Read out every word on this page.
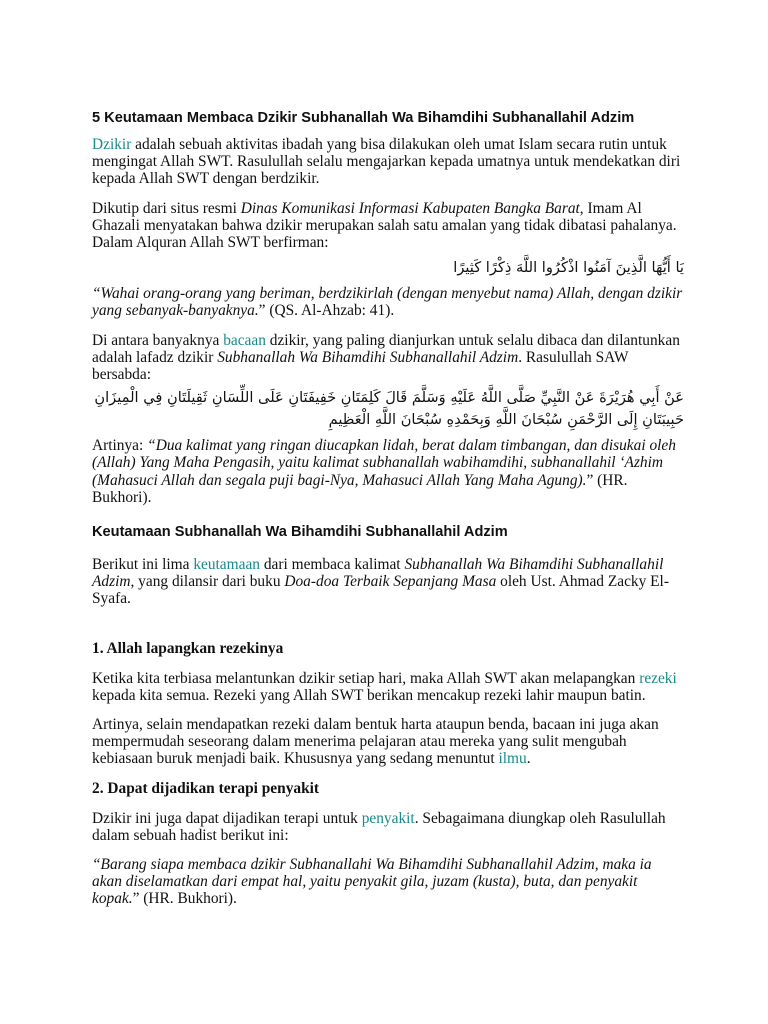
5 Keutamaan Membaca Dzikir Subhanallah Wa Bihamdihi Subhanallahil Adzim

Dzikir adalah sebuah aktivitas ibadah yang bisa dilakukan oleh umat Islam secara rutin untuk mengingat Allah SWT. Rasulullah selalu mengajarkan kepada umatnya untuk mendekatkan diri kepada Allah SWT dengan berdzikir.

Dikutip dari situs resmi Dinas Komunikasi Informasi Kabupaten Bangka Barat, Imam Al Ghazali menyatakan bahwa dzikir merupakan salah satu amalan yang tidak dibatasi pahalanya. Dalam Alquran Allah SWT berfirman:

يَا أَيُّهَا الَّذِينَ آمَنُوا اذْكُرُوا اللَّهَ ذِكْرًا كَثِيرًا

“Wahai orang-orang yang beriman, berdzikirlah (dengan menyebut nama) Allah, dengan dzikir yang sebanyak-banyaknya.” (QS. Al-Ahzab: 41).

Di antara banyaknya bacaan dzikir, yang paling dianjurkan untuk selalu dibaca dan dilantunkan adalah lafadz dzikir Subhanallah Wa Bihamdihi Subhanallahil Adzim. Rasulullah SAW bersabda:

عَنْ أَبِي هُرَيْرَةَ عَنْ النَّبِيِّ صَلَّى اللَّهُ عَلَيْهِ وَسَلَّمَ قَالَ كَلِمَتَانِ خَفِيفَتَانِ عَلَى اللِّسَانِ ثَقِيلَتَانِ فِي الْمِيزَانِ

حَبِيبَتَانِ إِلَى الرَّحْمَنِ سُبْحَانَ اللَّهِ وَبِحَمْدِهِ سُبْحَانَ اللَّهِ الْعَظِيمِ

Artinya: “Dua kalimat yang ringan diucapkan lidah, berat dalam timbangan, dan disukai oleh (Allah) Yang Maha Pengasih, yaitu kalimat subhanallah wabihamdihi, subhanallahil ‘Azhim (Mahasuci Allah dan segala puji bagi-Nya, Mahasuci Allah Yang Maha Agung).” (HR. Bukhori).

Keutamaan Subhanallah Wa Bihamdihi Subhanallahil Adzim

Berikut ini lima keutamaan dari membaca kalimat Subhanallah Wa Bihamdihi Subhanallahil Adzim, yang dilansir dari buku Doa-doa Terbaik Sepanjang Masa oleh Ust. Ahmad Zacky El-Syafa.

1. Allah lapangkan rezekinya

Ketika kita terbiasa melantunkan dzikir setiap hari, maka Allah SWT akan melapangkan rezeki kepada kita semua. Rezeki yang Allah SWT berikan mencakup rezeki lahir maupun batin.

Artinya, selain mendapatkan rezeki dalam bentuk harta ataupun benda, bacaan ini juga akan mempermudah seseorang dalam menerima pelajaran atau mereka yang sulit mengubah kebiasaan buruk menjadi baik. Khususnya yang sedang menuntut ilmu.

2. Dapat dijadikan terapi penyakit

Dzikir ini juga dapat dijadikan terapi untuk penyakit. Sebagaimana diungkap oleh Rasulullah dalam sebuah hadist berikut ini:

“Barang siapa membaca dzikir Subhanallahi Wa Bihamdihi Subhanallahil Adzim, maka ia akan diselamatkan dari empat hal, yaitu penyakit gila, juzam (kusta), buta, dan penyakit kopak.” (HR. Bukhori).
